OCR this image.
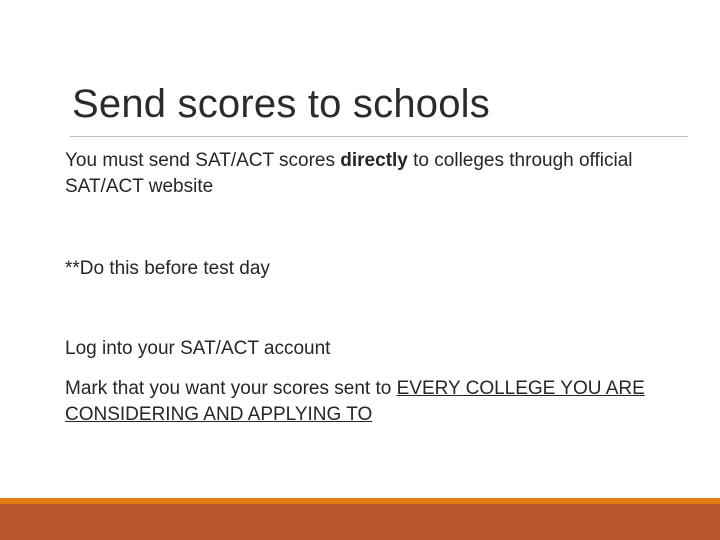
Send scores to schools

You must send SAT/ACT scores directly to colleges through official SAT/ACT website

**Do this before test day

Log into your SAT/ACT account

Mark that you want your scores sent to EVERY COLLEGE YOU ARE CONSIDERING AND APPLYING TO
